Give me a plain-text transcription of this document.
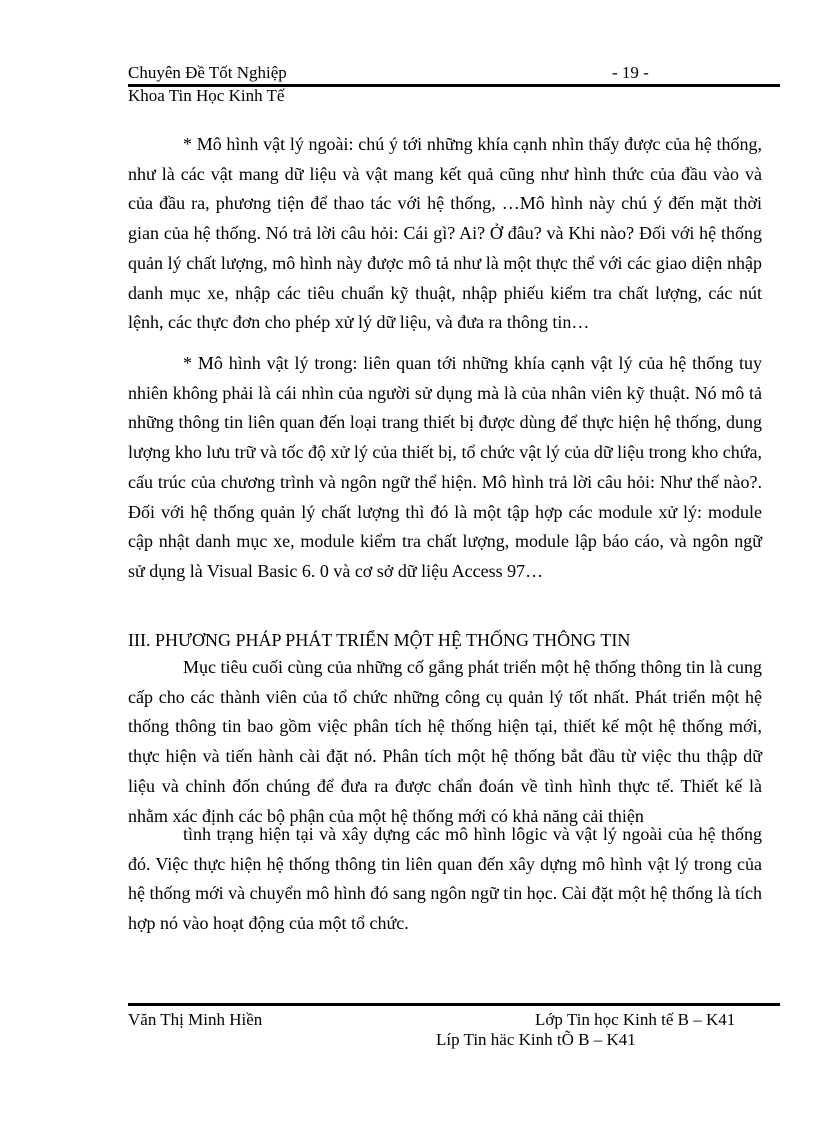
Chuyên Đề Tốt Nghiệp	- 19 -
Khoa Tin Học Kinh Tế

* Mô hình vật lý ngoài: chú ý tới những khía cạnh nhìn thấy được của hệ thống, như là các vật mang dữ liệu và vật mang kết quả cũng như hình thức của đầu vào và của đầu ra, phương tiện để thao tác với hệ thống, …Mô hình này chú ý đến mặt thời gian của hệ thống. Nó trả lời câu hỏi: Cái gì? Ai? Ở đâu? và Khi nào? Đối với hệ thống quản lý chất lượng, mô hình này được mô tả như là một thực thể với các giao diện nhập danh mục xe, nhập các tiêu chuẩn kỹ thuật, nhập phiếu kiểm tra chất lượng, các nút lệnh, các thực đơn cho phép xử lý dữ liệu, và đưa ra thông tin…

* Mô hình vật lý trong: liên quan tới những khía cạnh vật lý của hệ thống tuy nhiên không phải là cái nhìn của người sử dụng mà là của nhân viên kỹ thuật. Nó mô tả những thông tin liên quan đến loại trang thiết bị được dùng để thực hiện hệ thống, dung lượng kho lưu trữ và tốc độ xử lý của thiết bị, tổ chức vật lý của dữ liệu trong kho chứa, cấu trúc của chương trình và ngôn ngữ thể hiện. Mô hình trả lời câu hỏi: Như thế nào?. Đối với hệ thống quản lý chất lượng thì đó là một tập hợp các module xử lý: module cập nhật danh mục xe, module kiểm tra chất lượng, module lập báo cáo, và ngôn ngữ sử dụng là Visual Basic 6. 0 và cơ sở dữ liệu Access 97…

III. PHƯƠNG PHÁP PHÁT TRIỂN MỘT HỆ THỐNG THÔNG TIN

Mục tiêu cuối cùng của những cố gắng phát triển một hệ thống thông tin là cung cấp cho các thành viên của tổ chức những công cụ quản lý tốt nhất. Phát triển một hệ thống thông tin bao gồm việc phân tích hệ thống hiện tại, thiết kế một hệ thống mới, thực hiện và tiến hành cài đặt nó. Phân tích một hệ thống bắt đầu từ việc thu thập dữ liệu và chỉnh đốn chúng để đưa ra được chẩn đoán về tình hình thực tế. Thiết kế là nhằm xác định các bộ phận của một hệ thống mới có khả năng cải thiện

tình trạng hiện tại và xây dựng các mô hình lôgic và vật lý ngoài của hệ thống đó. Việc thực hiện hệ thống thông tin liên quan đến xây dựng mô hình vật lý trong của hệ thống mới và chuyển mô hình đó sang ngôn ngữ tin học. Cài đặt một hệ thống là tích hợp nó vào hoạt động của một tổ chức.

Văn Thị Minh Hiền	Lớp Tin học Kinh tế B – K41
Líp Tin häc Kinh tÕ B – K41
